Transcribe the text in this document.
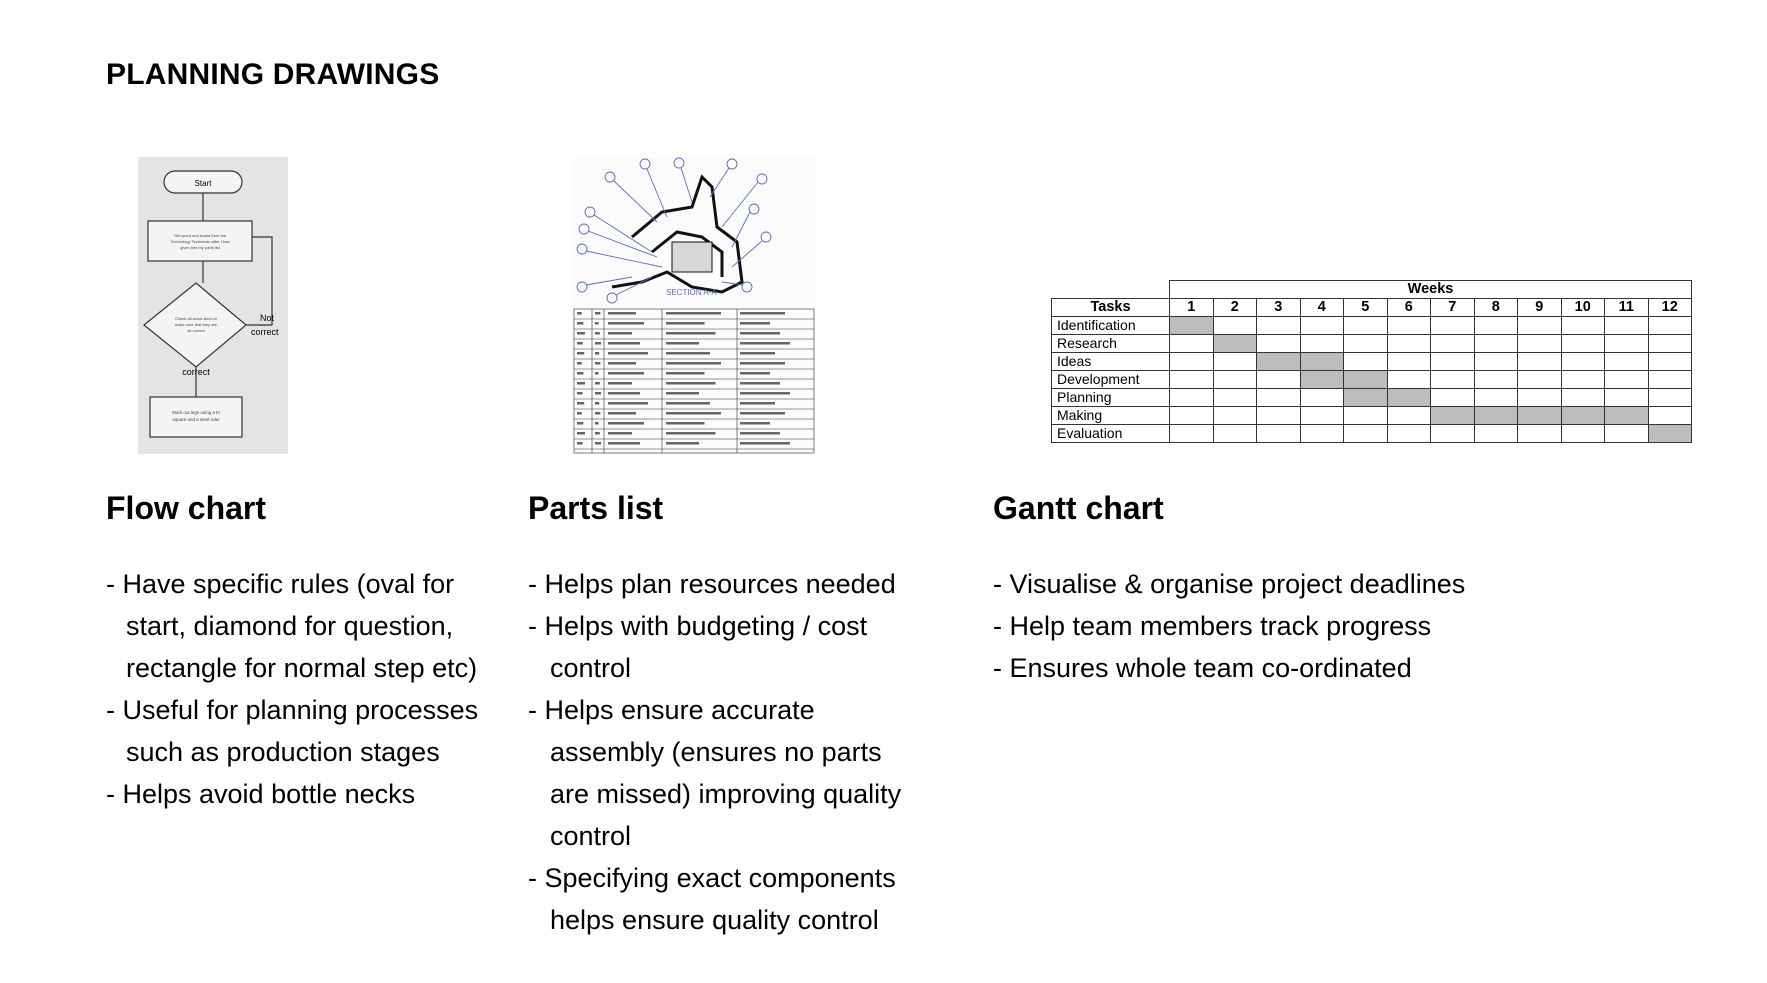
PLANNING DRAWINGS
Start
Get wood and board from the
Technology Technician after I had
given him my parts list
Check all wood sizes to
make sure that they are
all correct
Not
correct
correct
Mark out legs using a tri
square and a steel ruler
SECTION A-A
		Weeks											
Tasks	1	2	3	4	5	6	7	8	9	10	11	12
Identification												
Research												
Ideas												
Development												
Planning												
Making												
Evaluation												
Flow chart
- Have specific rules (oval for start, diamond for question, rectangle for normal step etc)
- Useful for planning processes such as production stages
- Helps avoid bottle necks
Parts list
- Helps plan resources needed
- Helps with budgeting / cost control
- Helps ensure accurate assembly (ensures no parts are missed) improving quality control
- Specifying exact components helps ensure quality control
Gantt chart
- Visualise & organise project deadlines
- Help team members track progress
- Ensures whole team co-ordinated
